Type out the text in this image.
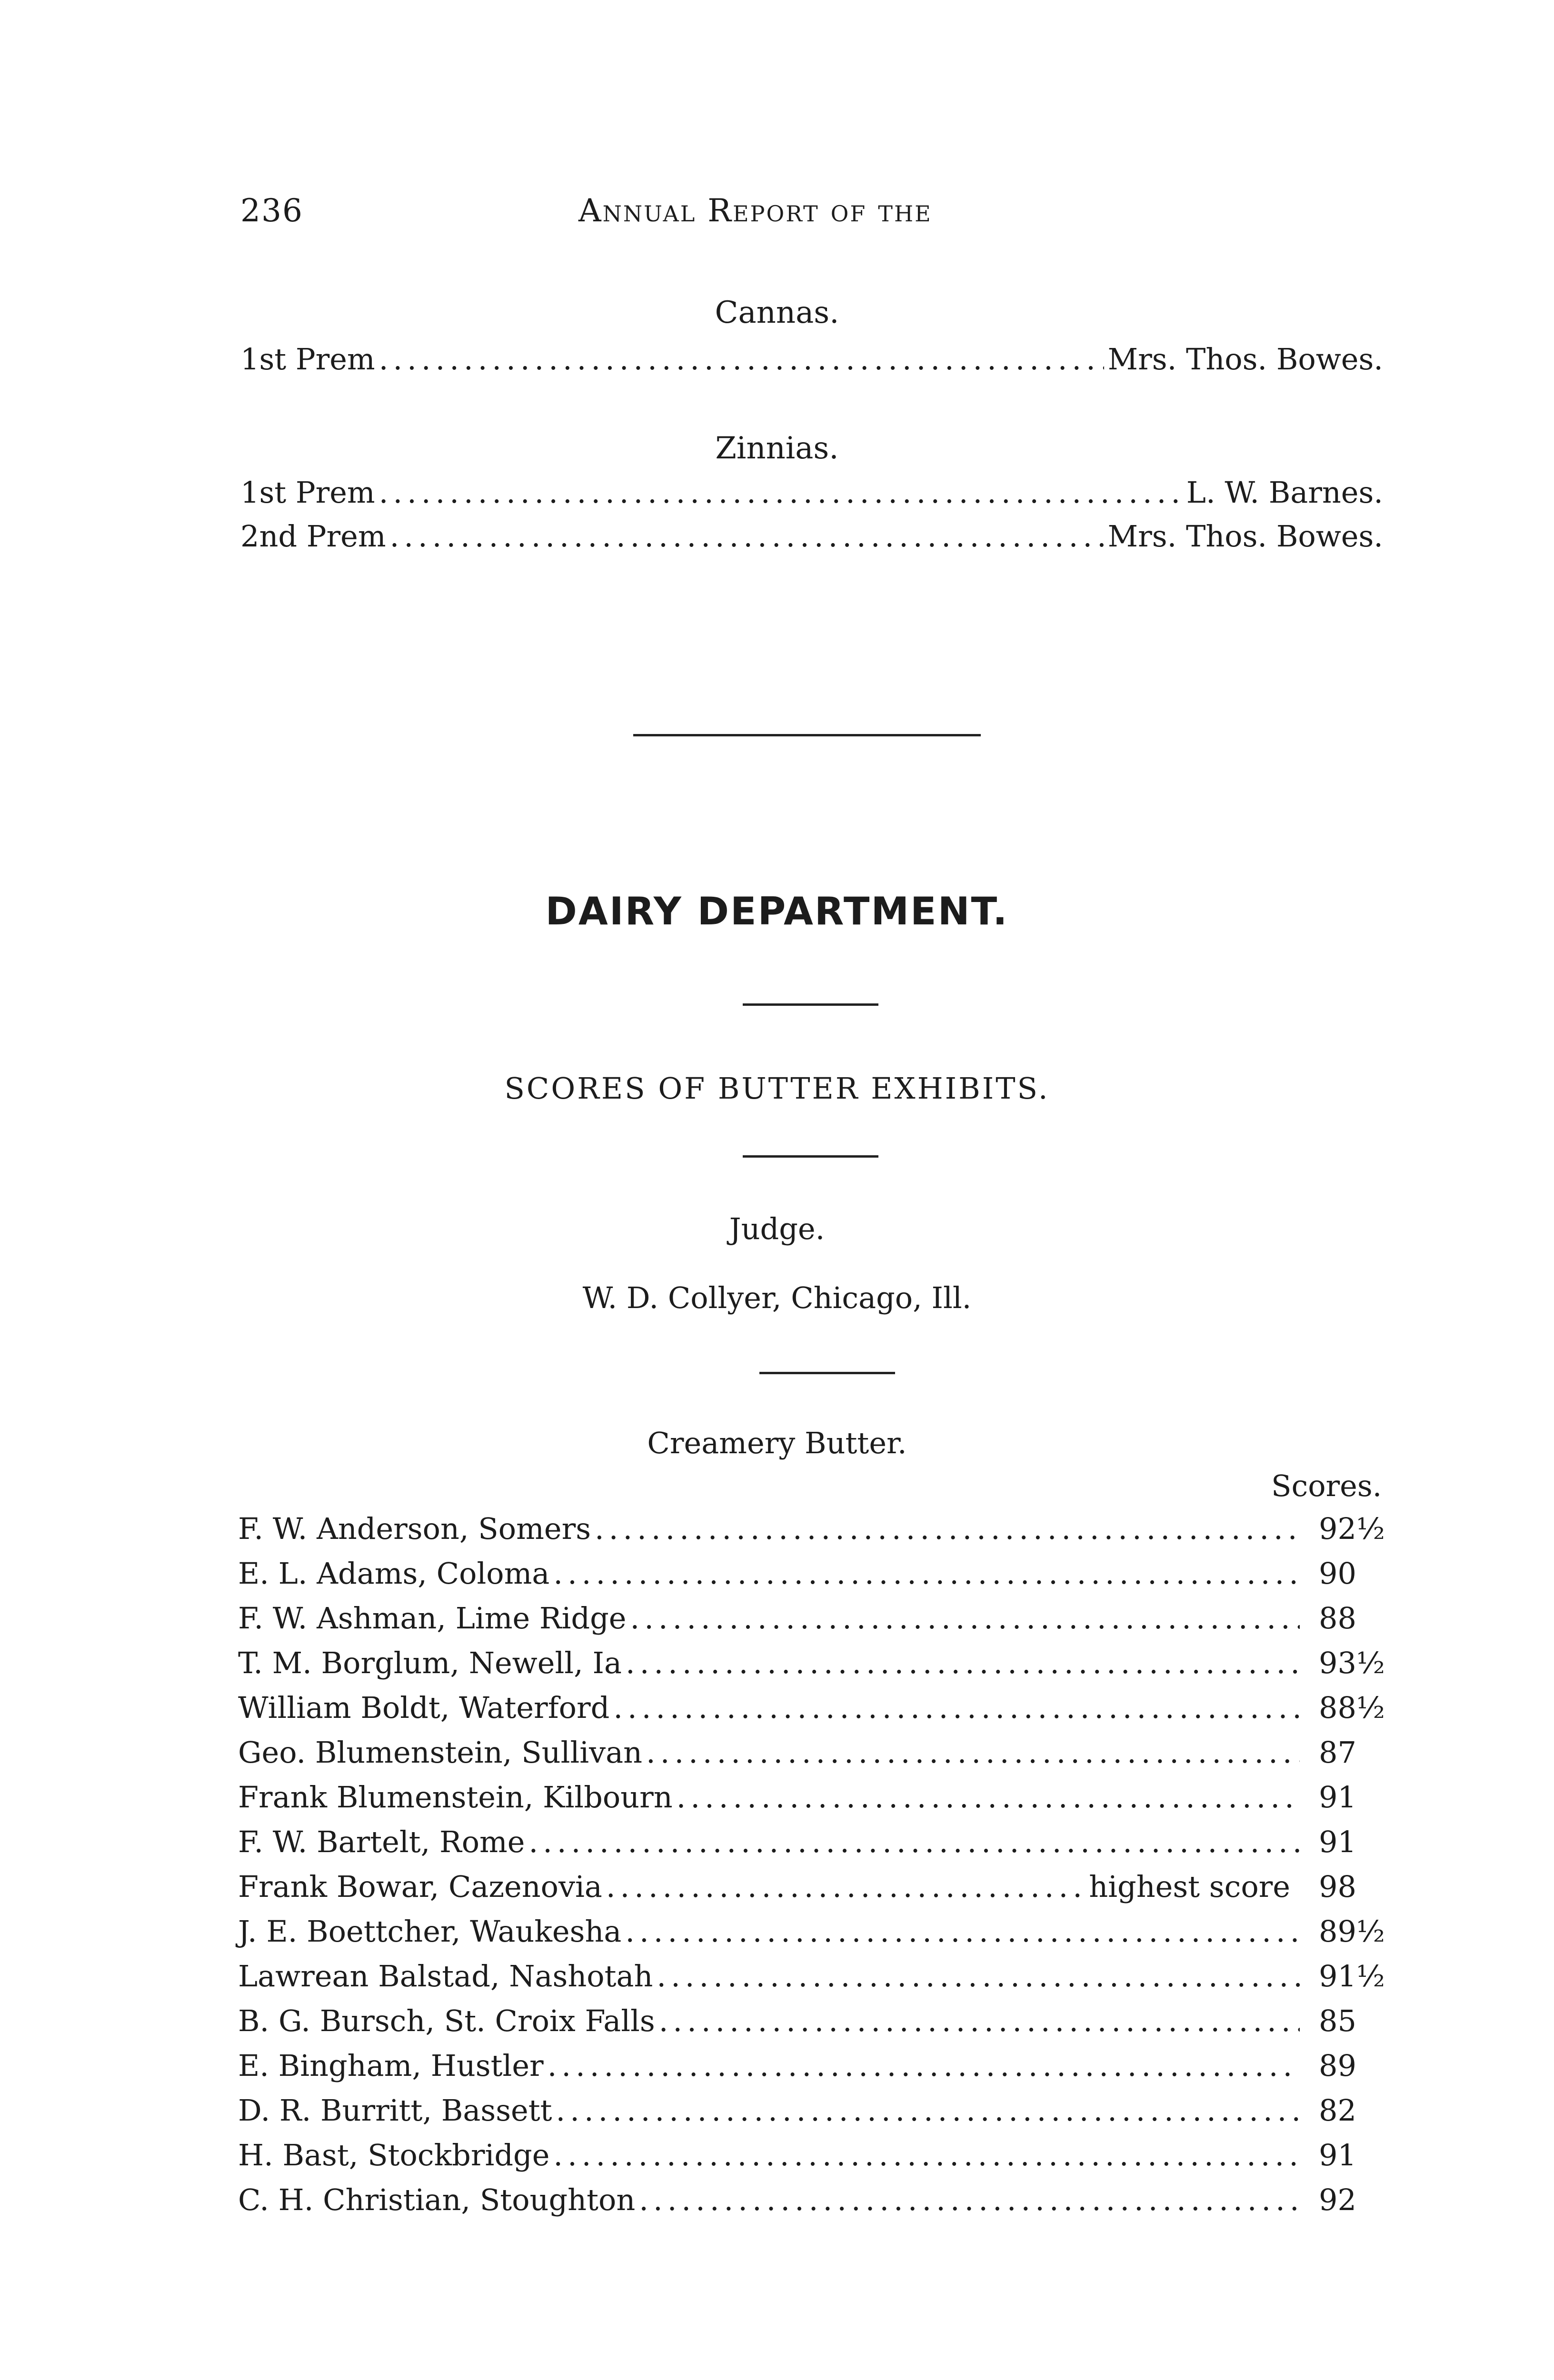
236	Annual Report of the
Cannas.
1st Prem .....	Mrs. Thos. Bowes.
Zinnias.
1st Prem .....	L. W. Barnes.
2nd Prem .....	Mrs. Thos. Bowes.
DAIRY DEPARTMENT.
SCORES OF BUTTER EXHIBITS.
Judge.
W. D. Collyer, Chicago, Ill.
Creamery Butter.
Scores.
F. W. Anderson, Somers .....	92½
E. L. Adams, Coloma .....	90
F. W. Ashman, Lime Ridge .....	88
T. M. Borglum, Newell, Ia .....	93½
William Boldt, Waterford .....	88½
Geo. Blumenstein, Sullivan .....	87
Frank Blumenstein, Kilbourn .....	91
F. W. Bartelt, Rome .....	91
Frank Bowar, Cazenovia .....	highest score 98
J. E. Boettcher, Waukesha .....	89½
Lawrean Balstad, Nashotah .....	91½
B. G. Bursch, St. Croix Falls .....	85
E. Bingham, Hustler .....	89
D. R. Burritt, Bassett .....	82
H. Bast, Stockbridge .....	91
C. H. Christian, Stoughton .....	92
